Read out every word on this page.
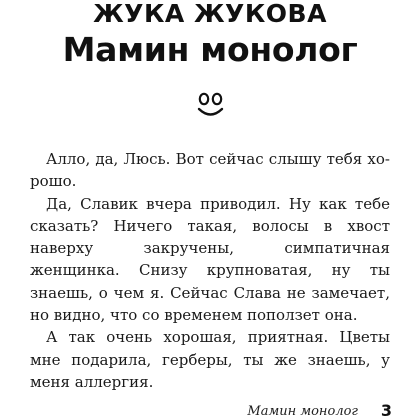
ЖУКА ЖУКОВА
Мамин монолог

Алло, да, Люсь. Вот сейчас слышу тебя хорошо.

Да, Славик вчера приводил. Ну как тебе сказать? Ничего такая, волосы в хвост наверху закручены, симпатичная женщинка. Снизу крупноватая, ну ты знаешь, о чем я. Сейчас Слава не замечает, но видно, что со временем поползет она.

А так очень хорошая, приятная. Цветы мне подарила, герберы, ты же знаешь, у меня аллергия.

Мамин монолог 3
